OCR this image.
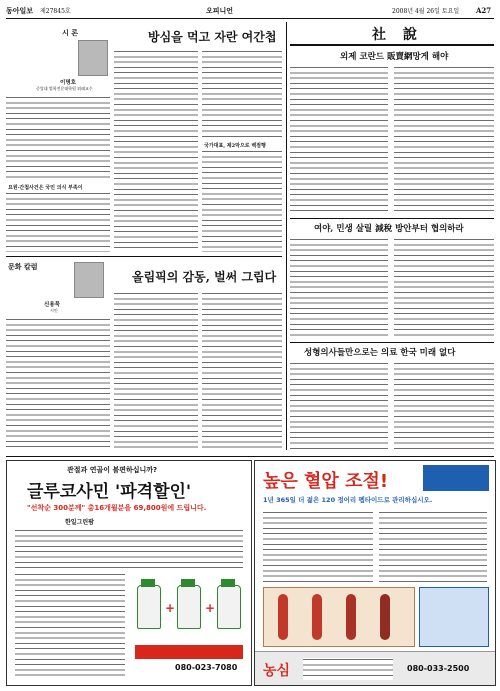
동아일보 제27845호	오피니언	2008년 4월 26일 토요일 A27
시 론
이명호
중앙대 법학전문대학원 외래교수
요원·간첩사건은 국민 의식 부족이
방심을 먹고 자란 여간첩
국가대표, 제2막으로 백점행
문화 칼럼
신용묵
시인
올림픽의 감동, 벌써 그립다
社 說
외제 코란드 販賣網망게 해야
여야, 민생 살릴 減稅 방안부터 협의하라
성형의사들만으로는 의료 한국 미래 없다
관절과 연골이 불편하십니까?
글루코사민 '파격할인'
"선착순 300분께" 총16개월분을 69,800원에 드립니다.
한일그린팜
+ +
080-023-7080
높은 혈압 조절!
1년 365일 더 젊은 120 정어리 펩타이드로 관리하십시오.
농심	080-033-2500
